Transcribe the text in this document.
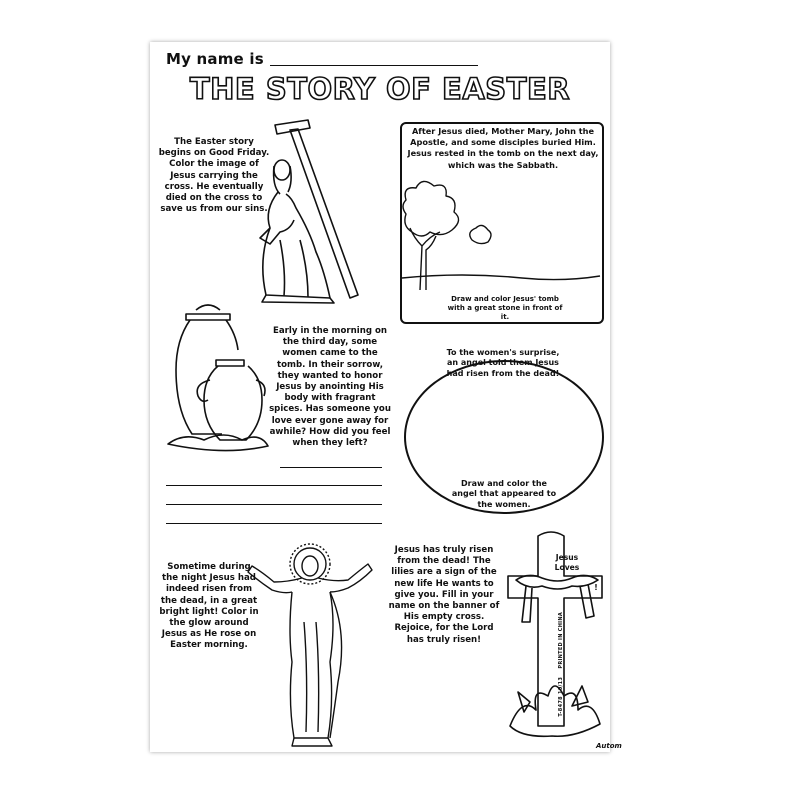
My name is
THE STORY OF EASTER
The Easter story begins on Good Friday. Color the image of Jesus carrying the cross. He eventually died on the cross to save us from our sins.
After Jesus died, Mother Mary, John the Apostle, and some disciples buried Him. Jesus rested in the tomb on the next day, which was the Sabbath.
Draw and color Jesus' tomb with a great stone in front of it.
Early in the morning on the third day, some women came to the tomb. In their sorrow, they wanted to honor Jesus by anointing His body with fragrant spices. Has someone you love ever gone away for awhile? How did you feel when they left?
To the women's surprise, an angel told them Jesus had risen from the dead!
Draw and color the angel that appeared to the women.
Sometime during the night Jesus had indeed risen from the dead, in a great bright light! Color in the glow around Jesus as He rose on Easter morning.
Jesus has truly risen from the dead! The lilies are a sign of the new life He wants to give you. Fill in your name on the banner of His empty cross. Rejoice, for the Lord has truly risen!
Jesus
Loves
!
T-8478 10/13    PRINTED IN CHINA
Autom
